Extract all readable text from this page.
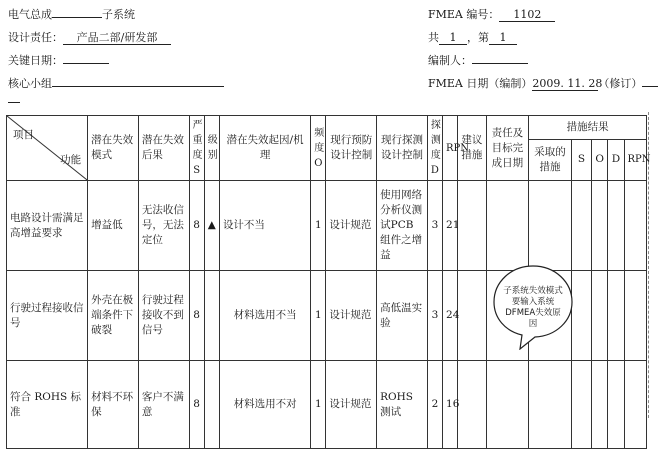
电气总成	子系统	FMEA 编号： 1102
设计责任： 产品二部/研发部	共 1 ，第 1
关键日期：	编制人：
核心小组	FMEA 日期（编制）2009. 11. 28（修订）
项目
功能	潜在失效模式	潜在失效后果	严重度S	级别	潜在失效起因/机理	频度O	现行预防设计控制	现行探测设计控制	探测度D	RPN	建议措施	责任及目标完成日期	措施结果				
													采取的措施	S	O	D	RPN
电路设计需满足高增益要求	增益低	无法收信号，无法定位	8	▲	设计不当	1	设计规范	使用网络分析仪测试PCB组件之增益	3	21							
行驶过程接收信号	外壳在极端条件下破裂	行驶过程接收不到信号	8		材料选用不当	1	设计规范	高低温实验	3	24							
符合 ROHS 标准	材料不环保	客户不满意	8		材料选用不对	1	设计规范	ROHS 测试	2	16							
子系统失效模式要输入系统DFMEA失效原因
